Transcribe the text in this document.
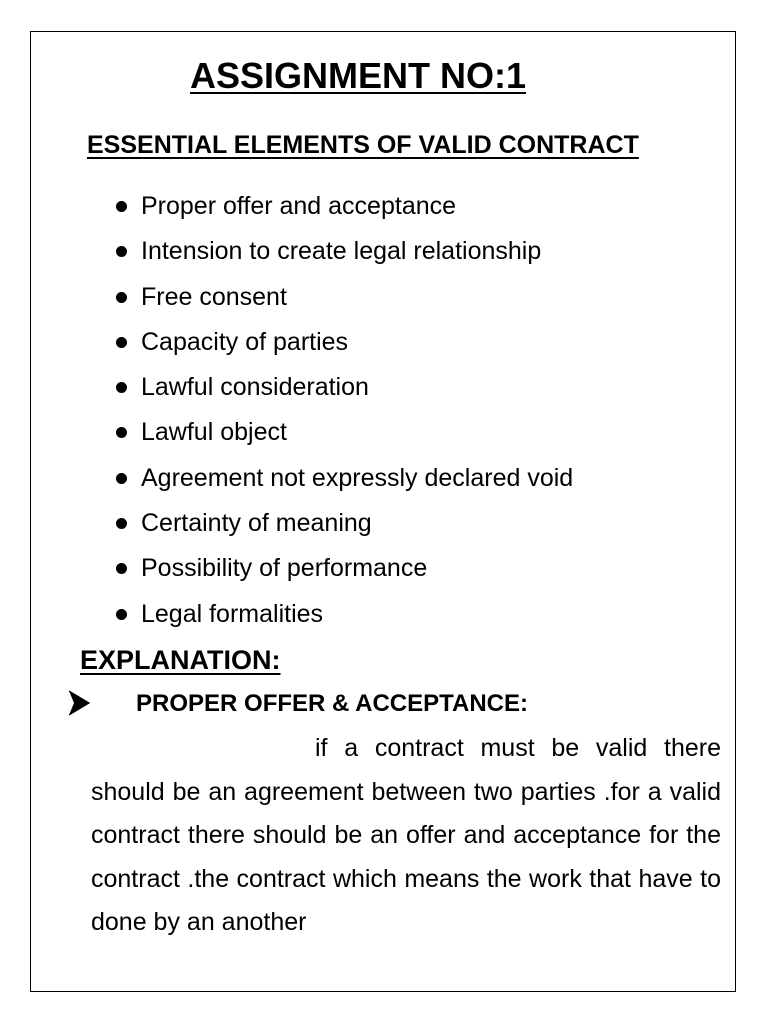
ASSIGNMENT NO:1
ESSENTIAL ELEMENTS OF VALID CONTRACT
Proper offer and acceptance
Intension to create legal relationship
Free consent
Capacity of parties
Lawful consideration
Lawful object
Agreement not expressly declared void
Certainty of meaning
Possibility of performance
Legal formalities
EXPLANATION:
PROPER OFFER & ACCEPTANCE:

if a contract must be valid there should be an agreement between two parties .for a valid contract there should be an offer and acceptance for the contract .the contract which means the work that have to done by an another
